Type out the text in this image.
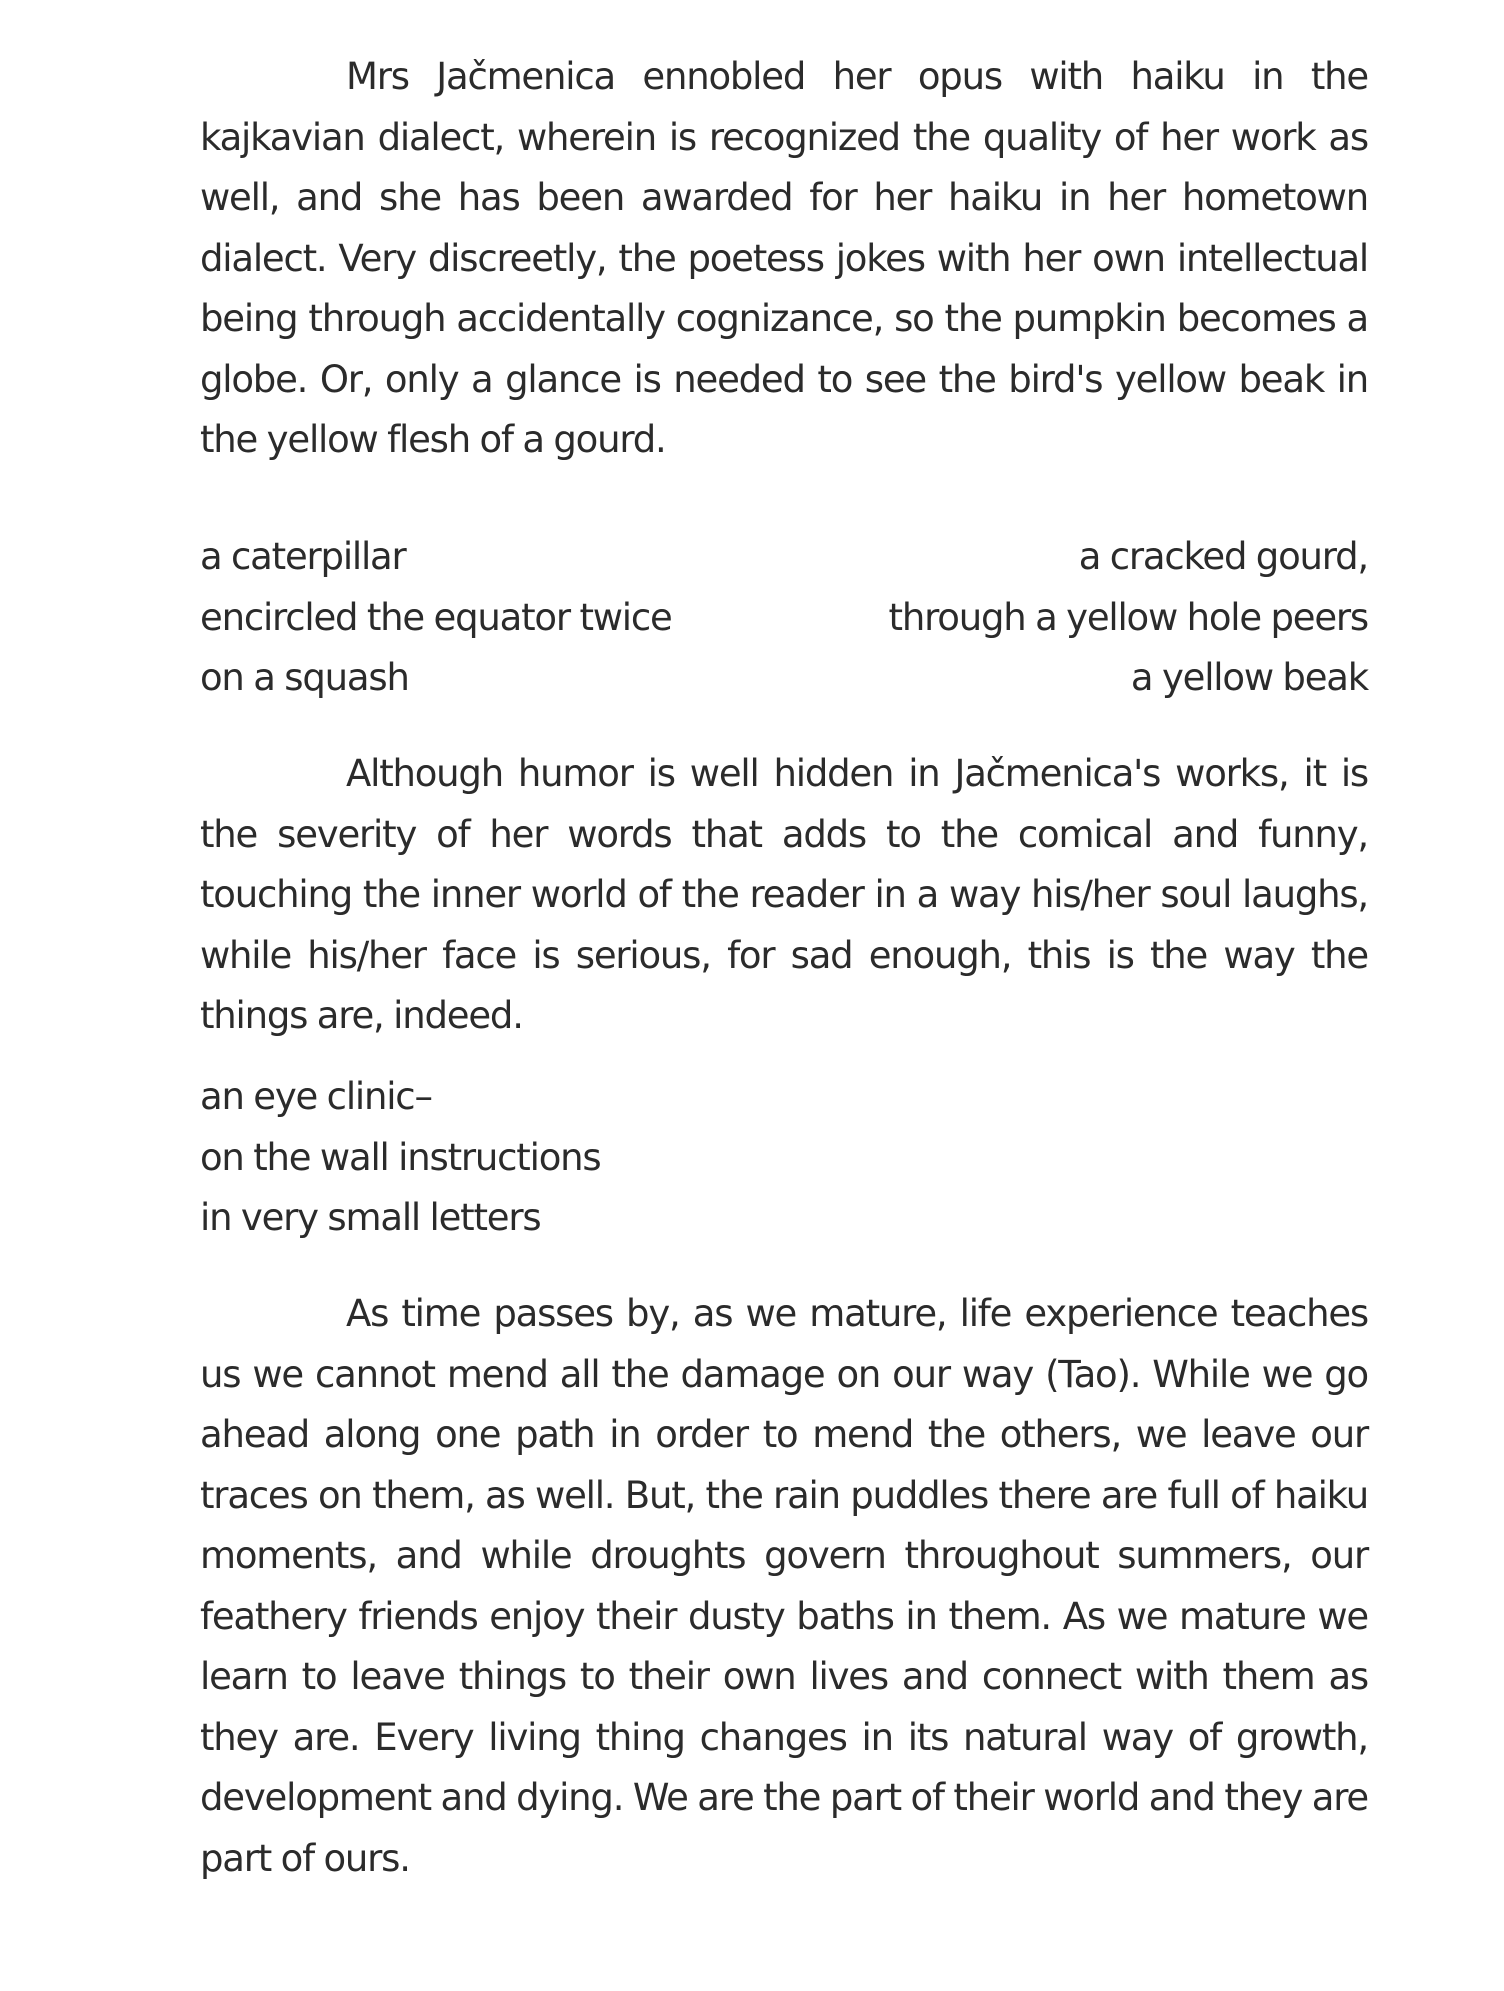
Mrs Jačmenica ennobled her opus with haiku in the kajkavian dialect, wherein is recognized the quality of her work as well, and she has been awarded for her haiku in her hometown dialect. Very discreetly, the poetess jokes with her own intellectual being through accidentally cognizance, so the pumpkin becomes a globe. Or, only a glance is needed to see the bird's yellow beak in the yellow flesh of a gourd.

a caterpillar
encircled the equator twice
on a squash
a cracked gourd,
through a yellow hole peers
a yellow beak

Although humor is well hidden in Jačmenica's works, it is the severity of her words that adds to the comical and funny, touching the inner world of the reader in a way his/her soul laughs, while his/her face is serious, for sad enough, this is the way the things are, indeed.

an eye clinic–
on the wall instructions
in very small letters

As time passes by, as we mature, life experience teaches us we cannot mend all the damage on our way (Tao). While we go ahead along one path in order to mend the others, we leave our traces on them, as well. But, the rain puddles there are full of haiku moments, and while droughts govern throughout summers, our feathery friends enjoy their dusty baths in them. As we mature we learn to leave things to their own lives and connect with them as they are. Every living thing changes in its natural way of growth, development and dying. We are the part of their world and they are part of ours.
